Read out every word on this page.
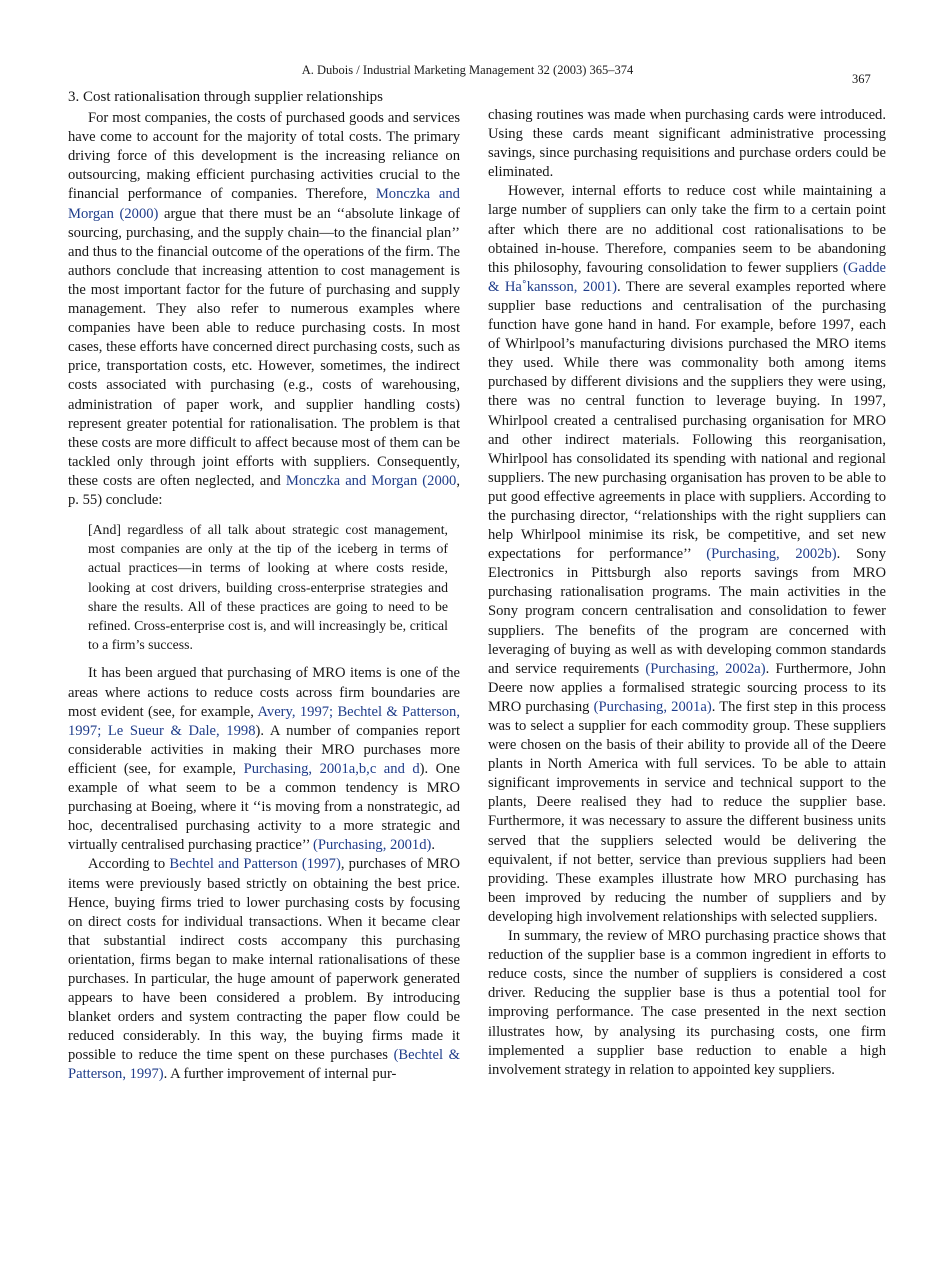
A. Dubois / Industrial Marketing Management 32 (2003) 365–374
367
3. Cost rationalisation through supplier relationships

For most companies, the costs of purchased goods and services have come to account for the majority of total costs. The primary driving force of this development is the increasing reliance on outsourcing, making efficient purchasing activities crucial to the financial performance of companies. Therefore, Monczka and Morgan (2000) argue that there must be an ‘‘absolute linkage of sourcing, purchasing, and the supply chain—to the financial plan’’ and thus to the financial outcome of the operations of the firm. The authors conclude that increasing attention to cost management is the most important factor for the future of purchasing and supply management. They also refer to numerous examples where companies have been able to reduce purchasing costs. In most cases, these efforts have concerned direct purchasing costs, such as price, transportation costs, etc. However, sometimes, the indirect costs associated with purchasing (e.g., costs of warehousing, administration of paper work, and supplier handling costs) represent greater potential for rationalisation. The problem is that these costs are more difficult to affect because most of them can be tackled only through joint efforts with suppliers. Consequently, these costs are often neglected, and Monczka and Morgan (2000, p. 55) conclude:

[And] regardless of all talk about strategic cost management, most companies are only at the tip of the iceberg in terms of actual practices—in terms of looking at where costs reside, looking at cost drivers, building cross-enterprise strategies and share the results. All of these practices are going to need to be refined. Cross-enterprise cost is, and will increasingly be, critical to a firm’s success.

It has been argued that purchasing of MRO items is one of the areas where actions to reduce costs across firm boundaries are most evident (see, for example, Avery, 1997; Bechtel & Patterson, 1997; Le Sueur & Dale, 1998). A number of companies report considerable activities in making their MRO purchases more efficient (see, for example, Purchasing, 2001a,b,c and d). One example of what seem to be a common tendency is MRO purchasing at Boeing, where it ‘‘is moving from a nonstrategic, ad hoc, decentralised purchasing activity to a more strategic and virtually centralised purchasing practice’’ (Purchasing, 2001d).

According to Bechtel and Patterson (1997), purchases of MRO items were previously based strictly on obtaining the best price. Hence, buying firms tried to lower purchasing costs by focusing on direct costs for individual transactions. When it became clear that substantial indirect costs accompany this purchasing orientation, firms began to make internal rationalisations of these purchases. In particular, the huge amount of paperwork generated appears to have been considered a problem. By introducing blanket orders and system contracting the paper flow could be reduced considerably. In this way, the buying firms made it possible to reduce the time spent on these purchases (Bechtel & Patterson, 1997). A further improvement of internal pur-

chasing routines was made when purchasing cards were introduced. Using these cards meant significant administrative processing savings, since purchasing requisitions and purchase orders could be eliminated.

However, internal efforts to reduce cost while maintaining a large number of suppliers can only take the firm to a certain point after which there are no additional cost rationalisations to be obtained in-house. Therefore, companies seem to be abandoning this philosophy, favouring consolidation to fewer suppliers (Gadde & Ha˚kansson, 2001). There are several examples reported where supplier base reductions and centralisation of the purchasing function have gone hand in hand. For example, before 1997, each of Whirlpool’s manufacturing divisions purchased the MRO items they used. While there was commonality both among items purchased by different divisions and the suppliers they were using, there was no central function to leverage buying. In 1997, Whirlpool created a centralised purchasing organisation for MRO and other indirect materials. Following this reorganisation, Whirlpool has consolidated its spending with national and regional suppliers. The new purchasing organisation has proven to be able to put good effective agreements in place with suppliers. According to the purchasing director, ‘‘relationships with the right suppliers can help Whirlpool minimise its risk, be competitive, and set new expectations for performance’’ (Purchasing, 2002b). Sony Electronics in Pittsburgh also reports savings from MRO purchasing rationalisation programs. The main activities in the Sony program concern centralisation and consolidation to fewer suppliers. The benefits of the program are concerned with leveraging of buying as well as with developing common standards and service requirements (Purchasing, 2002a). Furthermore, John Deere now applies a formalised strategic sourcing process to its MRO purchasing (Purchasing, 2001a). The first step in this process was to select a supplier for each commodity group. These suppliers were chosen on the basis of their ability to provide all of the Deere plants in North America with full services. To be able to attain significant improvements in service and technical support to the plants, Deere realised they had to reduce the supplier base. Furthermore, it was necessary to assure the different business units served that the suppliers selected would be delivering the equivalent, if not better, service than previous suppliers had been providing. These examples illustrate how MRO purchasing has been improved by reducing the number of suppliers and by developing high involvement relationships with selected suppliers.

In summary, the review of MRO purchasing practice shows that reduction of the supplier base is a common ingredient in efforts to reduce costs, since the number of suppliers is considered a cost driver. Reducing the supplier base is thus a potential tool for improving performance. The case presented in the next section illustrates how, by analysing its purchasing costs, one firm implemented a supplier base reduction to enable a high involvement strategy in relation to appointed key suppliers.
